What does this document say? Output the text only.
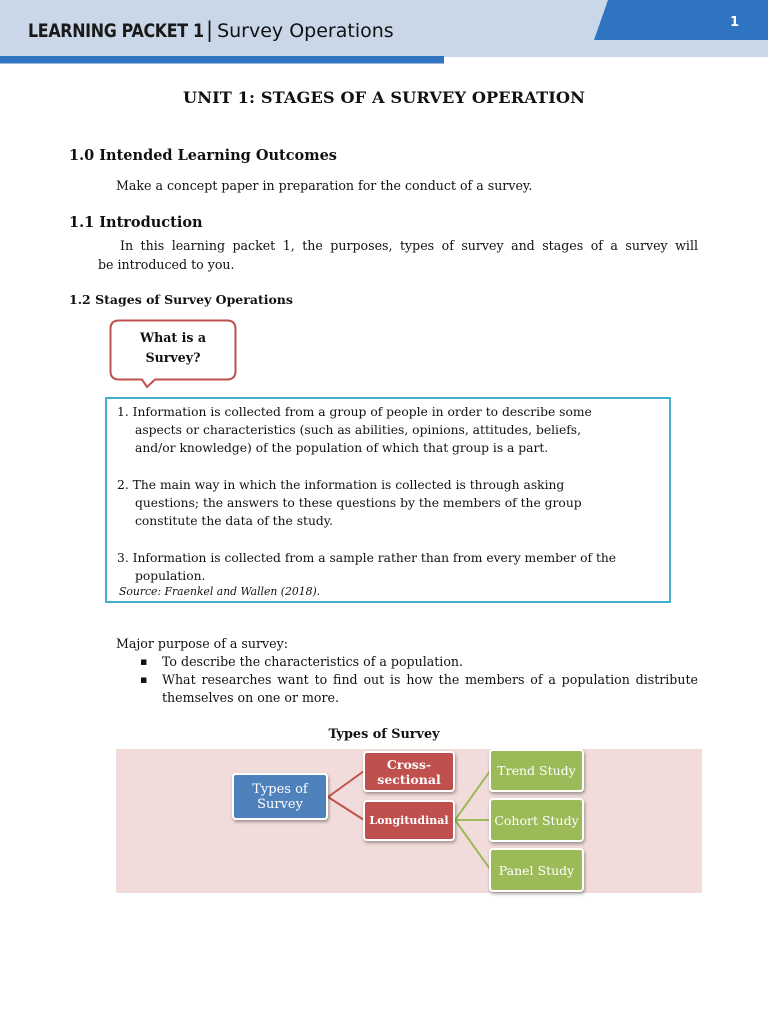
LEARNING PACKET 1 | Survey Operations	1
UNIT 1: STAGES OF A SURVEY OPERATION
1.0 Intended Learning Outcomes
Make a concept paper in preparation for the conduct of a survey.
1.1 Introduction
In this learning packet 1, the purposes, types of survey and stages of a survey will
be introduced to you.
1.2 Stages of Survey Operations
What is a
Survey?
1. Information is collected from a group of people in order to describe some
aspects or characteristics (such as abilities, opinions, attitudes, beliefs,
and/or knowledge) of the population of which that group is a part.
2. The main way in which the information is collected is through asking
questions; the answers to these questions by the members of the group
constitute the data of the study.
3. Information is collected from a sample rather than from every member of the
population.
Source: Fraenkel and Wallen (2018).
Major purpose of a survey:
▪ To describe the characteristics of a population.
▪ What researches want to find out is how the members of a population distribute themselves on one or more.
Types of Survey
Types of Survey
Cross-sectional
Longitudinal
Trend Study
Cohort Study
Panel Study
